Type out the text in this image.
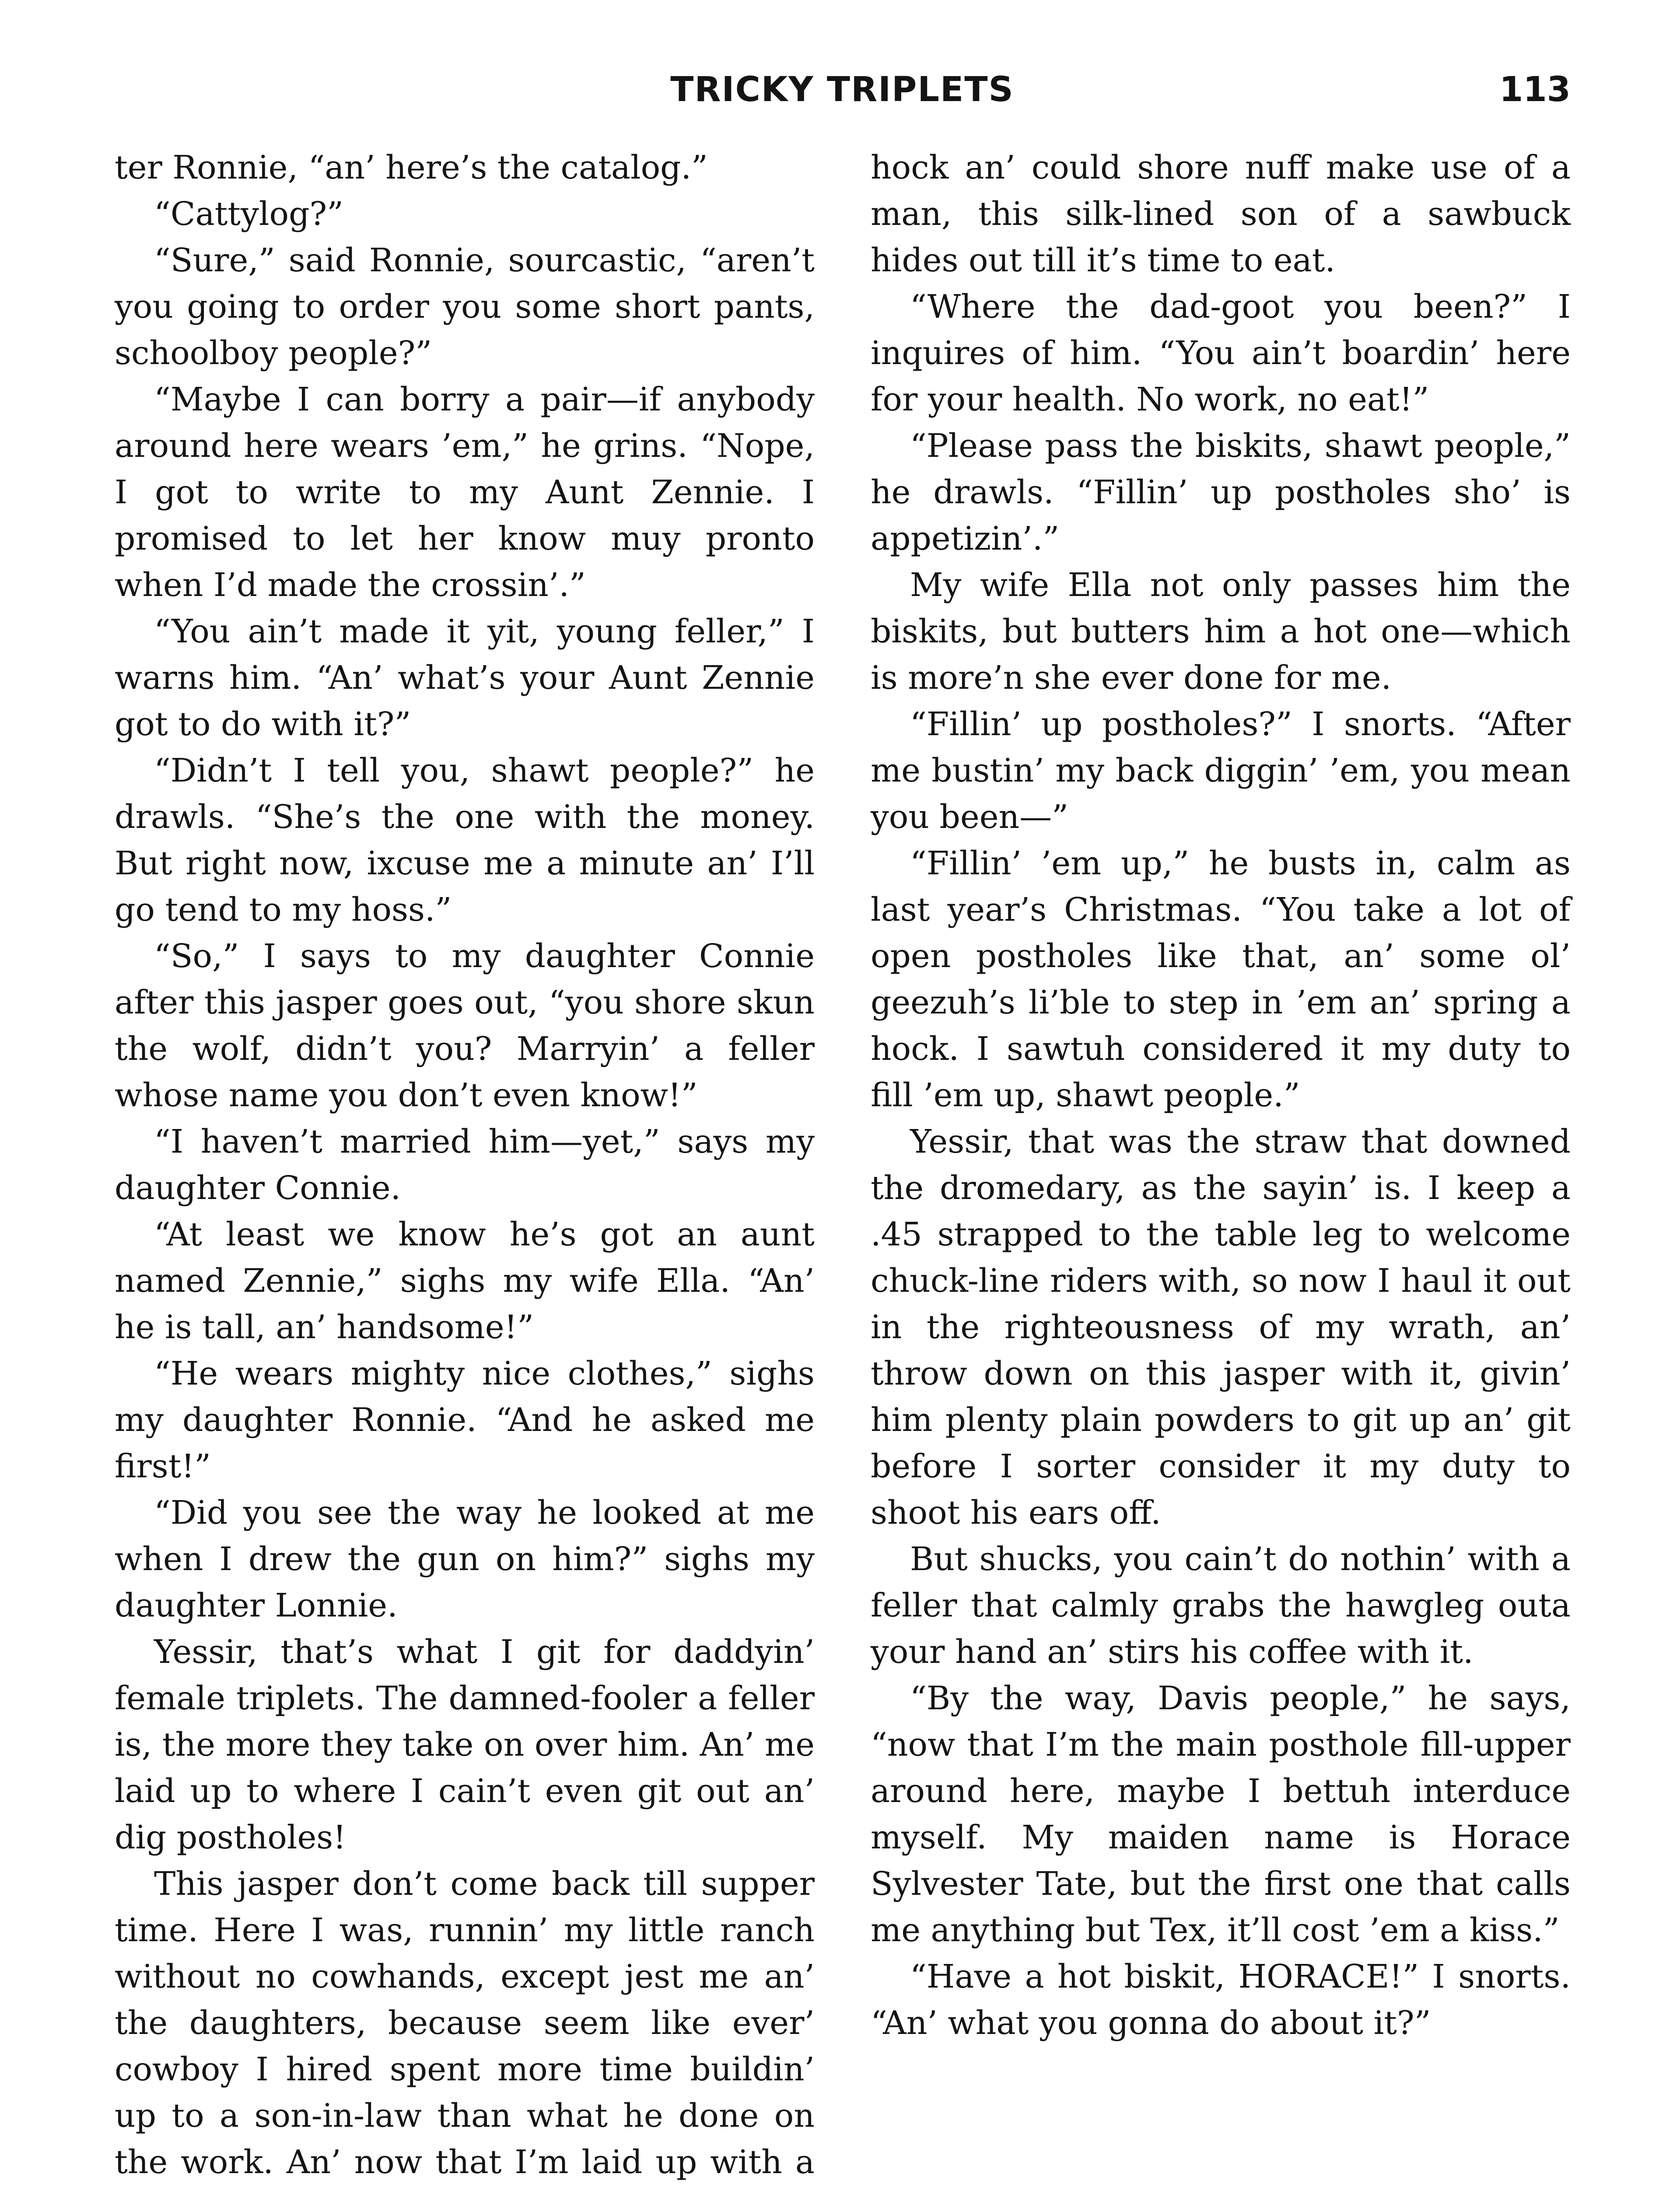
TRICKY TRIPLETS	113

ter Ronnie, “an’ here’s the catalog.”

“Cattylog?”

“Sure,” said Ronnie, sourcastic, “aren’t you going to order you some short pants, schoolboy people?”

“Maybe I can borry a pair—if anybody around here wears ’em,” he grins. “Nope, I got to write to my Aunt Zennie. I promised to let her know muy pronto when I’d made the crossin’.”

“You ain’t made it yit, young feller,” I warns him. “An’ what’s your Aunt Zennie got to do with it?”

“Didn’t I tell you, shawt people?” he drawls. “She’s the one with the money. But right now, ixcuse me a minute an’ I’ll go tend to my hoss.”

“So,” I says to my daughter Connie after this jasper goes out, “you shore skun the wolf, didn’t you? Marryin’ a feller whose name you don’t even know!”

“I haven’t married him—yet,” says my daughter Connie.

“At least we know he’s got an aunt named Zennie,” sighs my wife Ella. “An’ he is tall, an’ handsome!”

“He wears mighty nice clothes,” sighs my daughter Ronnie. “And he asked me first!”

“Did you see the way he looked at me when I drew the gun on him?” sighs my daughter Lonnie.

Yessir, that’s what I git for daddyin’ female triplets. The damned-fooler a feller is, the more they take on over him. An’ me laid up to where I cain’t even git out an’ dig postholes!

This jasper don’t come back till supper time. Here I was, runnin’ my little ranch without no cowhands, except jest me an’ the daughters, because seem like ever’ cowboy I hired spent more time buildin’ up to a son-in-law than what he done on the work. An’ now that I’m laid up with a

hock an’ could shore nuff make use of a man, this silk-lined son of a sawbuck hides out till it’s time to eat.

“Where the dad-goot you been?” I inquires of him. “You ain’t boardin’ here for your health. No work, no eat!”

“Please pass the biskits, shawt people,” he drawls. “Fillin’ up postholes sho’ is appetizin’.”

My wife Ella not only passes him the biskits, but butters him a hot one—which is more’n she ever done for me.

“Fillin’ up postholes?” I snorts. “After me bustin’ my back diggin’ ’em, you mean you been—”

“Fillin’ ’em up,” he busts in, calm as last year’s Christmas. “You take a lot of open postholes like that, an’ some ol’ geezuh’s li’ble to step in ’em an’ spring a hock. I sawtuh considered it my duty to fill ’em up, shawt people.”

Yessir, that was the straw that downed the dromedary, as the sayin’ is. I keep a .45 strapped to the table leg to welcome chuck-line riders with, so now I haul it out in the righteousness of my wrath, an’ throw down on this jasper with it, givin’ him plenty plain powders to git up an’ git before I sorter consider it my duty to shoot his ears off.

But shucks, you cain’t do nothin’ with a feller that calmly grabs the hawgleg outa your hand an’ stirs his coffee with it.

“By the way, Davis people,” he says, “now that I’m the main posthole fill-upper around here, maybe I bettuh interduce myself. My maiden name is Horace Sylvester Tate, but the first one that calls me anything but Tex, it’ll cost ’em a kiss.”

“Have a hot biskit, HORACE!” I snorts. “An’ what you gonna do about it?”
